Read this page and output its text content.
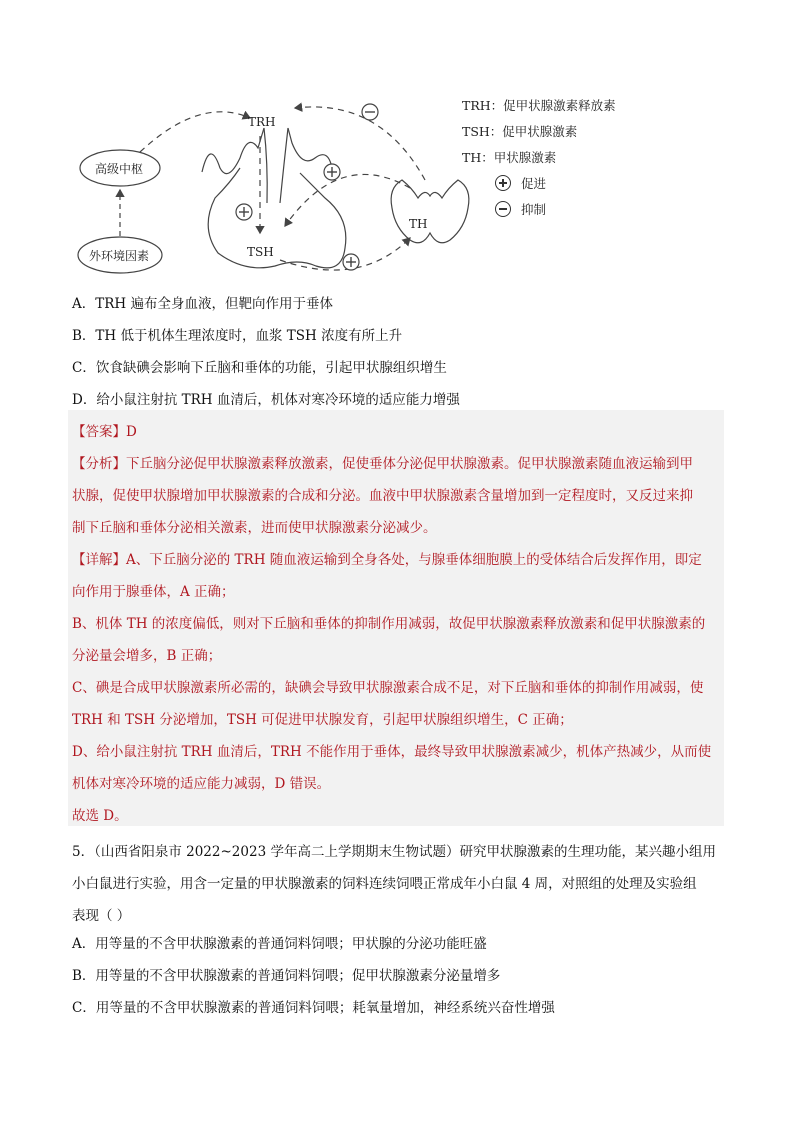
TRH
TSH
TH
高级中枢
外环境因素
TRH：促甲状腺激素释放素
TSH：促甲状腺激素
TH：甲状腺激素
促进
抑制
A．TRH 遍布全身血液，但靶向作用于垂体
B．TH 低于机体生理浓度时，血浆 TSH 浓度有所上升
C．饮食缺碘会影响下丘脑和垂体的功能，引起甲状腺组织增生
D．给小鼠注射抗 TRH 血清后，机体对寒冷环境的适应能力增强
【答案】D
【分析】下丘脑分泌促甲状腺激素释放激素，促使垂体分泌促甲状腺激素。促甲状腺激素随血液运输到甲
状腺，促使甲状腺增加甲状腺激素的合成和分泌。血液中甲状腺激素含量增加到一定程度时，又反过来抑
制下丘脑和垂体分泌相关激素，进而使甲状腺激素分泌减少。
【详解】A、下丘脑分泌的 TRH 随血液运输到全身各处，与腺垂体细胞膜上的受体结合后发挥作用，即定
向作用于腺垂体，A 正确；
B、机体 TH 的浓度偏低，则对下丘脑和垂体的抑制作用减弱，故促甲状腺激素释放激素和促甲状腺激素的
分泌量会增多，B 正确；
C、碘是合成甲状腺激素所必需的，缺碘会导致甲状腺激素合成不足，对下丘脑和垂体的抑制作用减弱，使
TRH 和 TSH 分泌增加，TSH 可促进甲状腺发育，引起甲状腺组织增生，C 正确；
D、给小鼠注射抗 TRH 血清后，TRH 不能作用于垂体，最终导致甲状腺激素减少，机体产热减少，从而使
机体对寒冷环境的适应能力减弱，D 错误。
故选 D。
5．（山西省阳泉市 2022~2023 学年高二上学期期末生物试题）研究甲状腺激素的生理功能，某兴趣小组用
小白鼠进行实验，用含一定量的甲状腺激素的饲料连续饲喂正常成年小白鼠 4 周，对照组的处理及实验组
表现（ ）
A．用等量的不含甲状腺激素的普通饲料饲喂；甲状腺的分泌功能旺盛
B．用等量的不含甲状腺激素的普通饲料饲喂；促甲状腺激素分泌量增多
C．用等量的不含甲状腺激素的普通饲料饲喂；耗氧量增加，神经系统兴奋性增强
